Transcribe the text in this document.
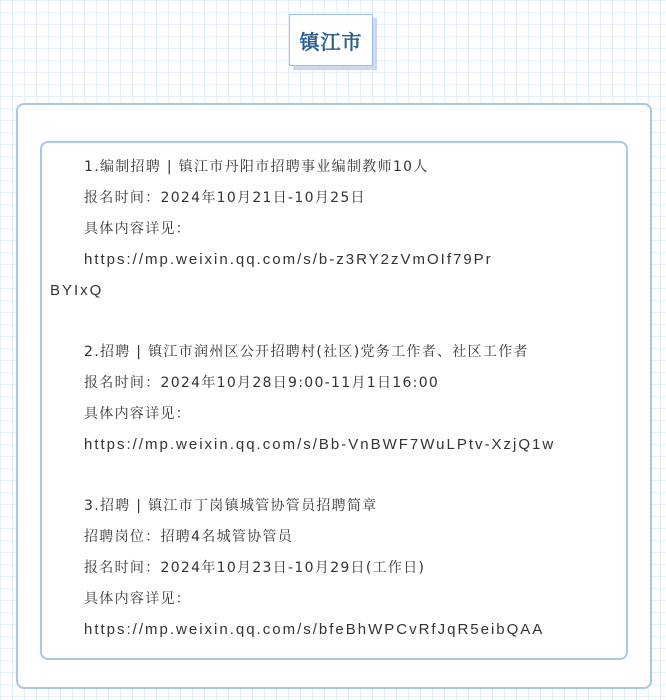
镇江市
1.编制招聘 | 镇江市丹阳市招聘事业编制教师10人
报名时间：2024年10月21日-10月25日
具体内容详见：
https://mp.weixin.qq.com/s/b-z3RY2zVmOIf79Pr
BYIxQ
2.招聘 | 镇江市润州区公开招聘村(社区)党务工作者、社区工作者
报名时间：2024年10月28日9:00-11月1日16:00
具体内容详见：
https://mp.weixin.qq.com/s/Bb-VnBWF7WuLPtv-XzjQ1w
3.招聘 | 镇江市丁岗镇城管协管员招聘简章
招聘岗位：招聘4名城管协管员
报名时间：2024年10月23日-10月29日(工作日)
具体内容详见：
https://mp.weixin.qq.com/s/bfeBhWPCvRfJqR5eibQAA
